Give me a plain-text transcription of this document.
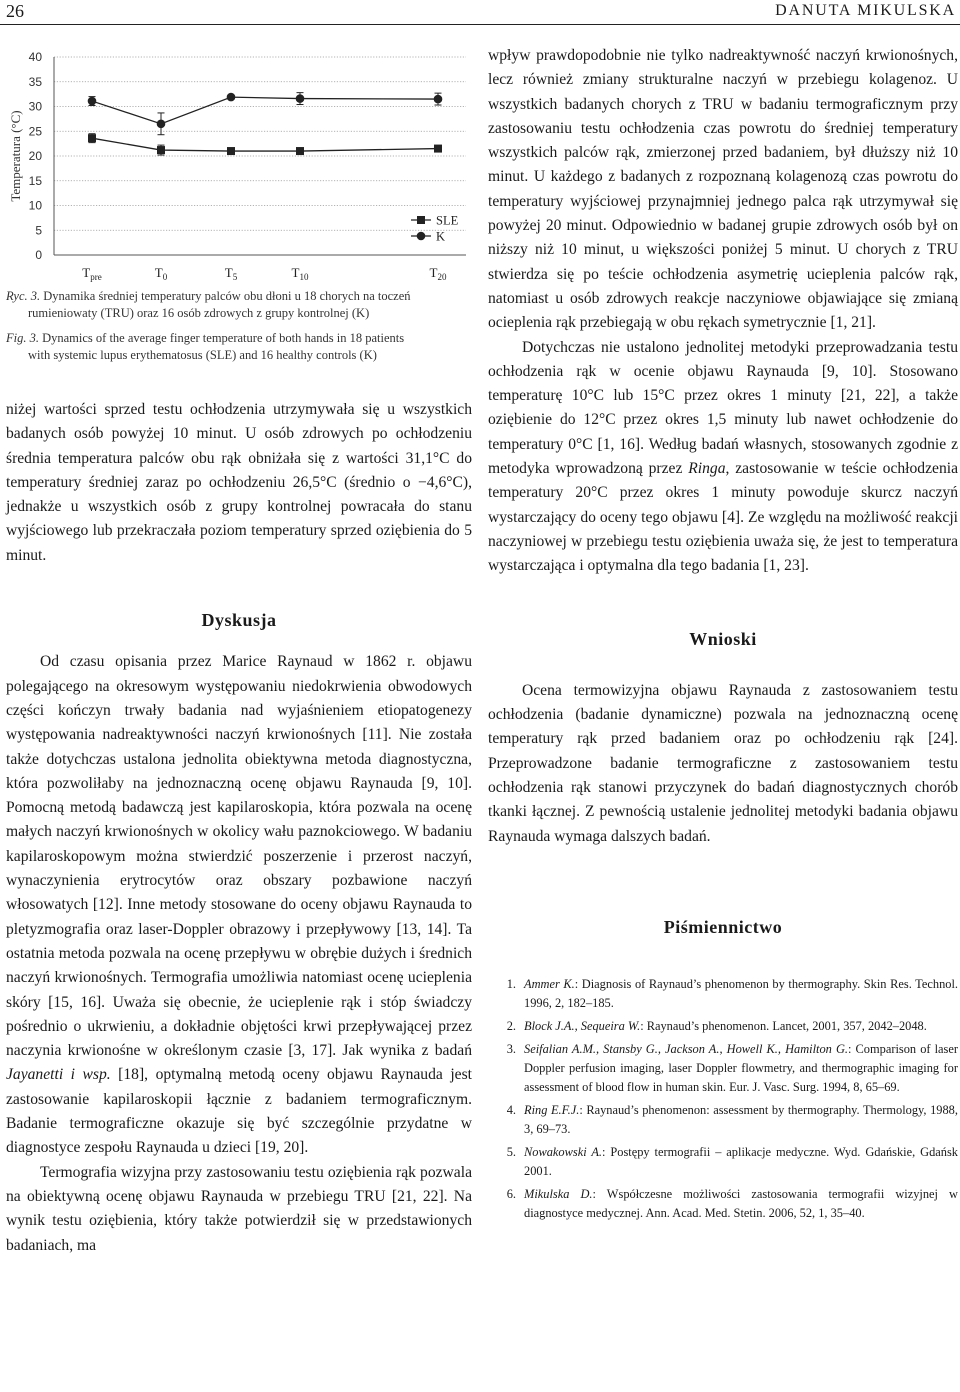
26	DANUTA MIKULSKA
0
5
10
15
20
25
30
35
40
Temperatura (°C)
$T_{pre}$	$T_0$	$T_5$	$T_{10}$	$T_{20}$
SLE
K
Ryc. 3. Dynamika średniej temperatury palców obu dłoni u 18 chorych na toczeń
rumieniowaty (TRU) oraz 16 osób zdrowych z grupy kontrolnej (K)
Fig. 3. Dynamics of the average finger temperature of both hands in 18 patients
with systemic lupus erythematosus (SLE) and 16 healthy controls (K)

niżej wartości sprzed testu ochłodzenia utrzymywała się u wszystkich badanych osób powyżej 10 minut. U osób zdrowych po ochłodzeniu średnia temperatura palców obu rąk obniżała się z wartości 31,1°C do temperatury średniej zaraz po ochłodzeniu 26,5°C (średnio o −4,6°C), jednakże u wszystkich osób z grupy kontrolnej powracała do stanu wyjściowego lub przekraczała poziom temperatury sprzed oziębienia do 5 minut.

Dyskusja

Od czasu opisania przez Marice Raynaud w 1862 r. objawu polegającego na okresowym występowaniu niedokrwienia obwodowych części kończyn trwały badania nad wyjaśnieniem etiopatogenezy występowania nadreaktywności naczyń krwionośnych [11]. Nie została także dotychczas ustalona jednolita obiektywna metoda diagnostyczna, która pozwoliłaby na jednoznaczną ocenę objawu Raynauda [9, 10]. Pomocną metodą badawczą jest kapilaroskopia, która pozwala na ocenę małych naczyń krwionośnych w okolicy wału paznokciowego. W badaniu kapilaroskopowym można stwierdzić poszerzenie i przerost naczyń, wynaczynienia erytrocytów oraz obszary pozbawione naczyń włosowatych [12]. Inne metody stosowane do oceny objawu Raynauda to pletyzmografia oraz laser-Doppler obrazowy i przepływowy [13, 14]. Ta ostatnia metoda pozwala na ocenę przepływu w obrębie dużych i średnich naczyń krwionośnych. Termografia umożliwia natomiast ocenę ucieplenia skóry [15, 16]. Uważa się obecnie, że ucieplenie rąk i stóp świadczy pośrednio o ukrwieniu, a dokładnie objętości krwi przepływającej przez naczynia krwionośne w określonym czasie [3, 17]. Jak wynika z badań Jayanetti i wsp. [18], optymalną metodą oceny objawu Raynauda jest zastosowanie kapilaroskopii łącznie z badaniem termograficznym. Badanie termograficzne okazuje się być szczególnie przydatne w diagnostyce zespołu Raynauda u dzieci [19, 20].

Termografia wizyjna przy zastosowaniu testu oziębienia rąk pozwala na obiektywną ocenę objawu Raynauda w przebiegu TRU [21, 22]. Na wynik testu oziębienia, który także potwierdził się w przedstawionych badaniach, ma

wpływ prawdopodobnie nie tylko nadreaktywność naczyń krwionośnych, lecz również zmiany strukturalne naczyń w przebiegu kolagenoz. U wszystkich badanych chorych z TRU w badaniu termograficznym przy zastosowaniu testu ochłodzenia czas powrotu do średniej temperatury wszystkich palców rąk, zmierzonej przed badaniem, był dłuższy niż 10 minut. U każdego z badanych z rozpoznaną kolagenozą czas powrotu do temperatury wyjściowej przynajmniej jednego palca rąk utrzymywał się powyżej 20 minut. Odpowiednio w badanej grupie zdrowych osób był on niższy niż 10 minut, u większości poniżej 5 minut. U chorych z TRU stwierdza się po teście ochłodzenia asymetrię ucieplenia palców rąk, natomiast u osób zdrowych reakcje naczyniowe objawiające się zmianą ocieplenia rąk przebiegają w obu rękach symetrycznie [1, 21].

Dotychczas nie ustalono jednolitej metodyki przeprowadzania testu ochłodzenia rąk w ocenie objawu Raynauda [9, 10]. Stosowano temperaturę 10°C lub 15°C przez okres 1 minuty [21, 22], a także oziębienie do 12°C przez okres 1,5 minuty lub nawet ochłodzenie do temperatury 0°C [1, 16]. Według badań własnych, stosowanych zgodnie z metodyka wprowadzoną przez Ringa, zastosowanie w teście ochłodzenia temperatury 20°C przez okres 1 minuty powoduje skurcz naczyń wystarczający do oceny tego objawu [4]. Ze względu na możliwość reakcji naczyniowej w przebiegu testu oziębienia uważa się, że jest to temperatura wystarczająca i optymalna dla tego badania [1, 23].

Wnioski

Ocena termowizyjna objawu Raynauda z zastosowaniem testu ochłodzenia (badanie dynamiczne) pozwala na jednoznaczną ocenę temperatury rąk przed badaniem oraz po ochłodzeniu rąk [24]. Przeprowadzone badanie termograficzne z zastosowaniem testu ochłodzenia rąk stanowi przyczynek do badań diagnostycznych chorób tkanki łącznej. Z pewnością ustalenie jednolitej metodyki badania objawu Raynauda wymaga dalszych badań.

Piśmiennictwo
1. Ammer K.: Diagnosis of Raynaud’s phenomenon by thermography. Skin Res. Technol. 1996, 2, 182–185.
2. Block J.A., Sequeira W.: Raynaud’s phenomenon. Lancet, 2001, 357, 2042–2048.
3. Seifalian A.M., Stansby G., Jackson A., Howell K., Hamilton G.: Comparison of laser Doppler perfusion imaging, laser Doppler flowmetry, and thermographic imaging for assessment of blood flow in human skin. Eur. J. Vasc. Surg. 1994, 8, 65–69.
4. Ring E.F.J.: Raynaud’s phenomenon: assessment by thermography. Thermology, 1988, 3, 69–73.
5. Nowakowski A.: Postępy termografii – aplikacje medyczne. Wyd. Gdańskie, Gdańsk 2001.
6. Mikulska D.: Współczesne możliwości zastosowania termografii wizyjnej w diagnostyce medycznej. Ann. Acad. Med. Stetin. 2006, 52, 1, 35–40.
